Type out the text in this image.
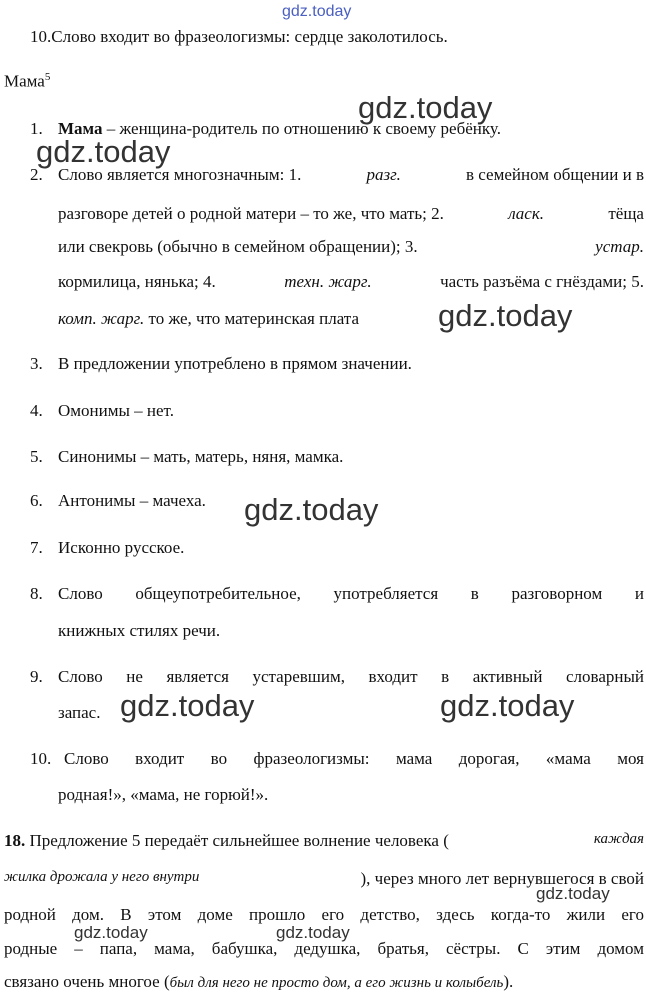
gdz.today
gdz.today
gdz.today
gdz.today
gdz.today
gdz.today	gdz.today
gdz.today
gdz.today	gdz.today
10.Слово входит во фразеологизмы: сердце заколотилось.
Мама$^5$
1. Мама – женщина-родитель по отношению к своему ребёнку.
2. Слово является многозначным: 1.	разг.	в семейном общении и в
разговоре детей о родной матери – то же, что мать; 2.	ласк.	тёща
или свекровь (обычно в семейном обращении); 3.	устар.
кормилица, нянька; 4.	техн. жарг.	часть разъёма с гнёздами; 5.
комп. жарг. то же, что материнская плата
3. В предложении употреблено в прямом значении.
4. Омонимы – нет.
5. Синонимы – мать, матерь, няня, мамка.
6. Антонимы – мачеха.
7. Исконно русское.
8. Слово общеупотребительное, употребляется в разговорном и
книжных стилях речи.
9. Слово не является устаревшим, входит в активный словарный
запас.
10. Слово входит во фразеологизмы: мама дорогая, «мама моя
родная!», «мама, не горюй!».
18. Предложение 5 передаёт сильнейшее волнение человека (	каждая
жилка дрожала у него внутри	), через много лет вернувшегося в свой
родной дом. В этом доме прошло его детство, здесь когда-то жили его
родные – папа, мама, бабушка, дедушка, братья, сёстры. С этим домом
связано очень многое (был для него не просто дом, а его жизнь и колыбель).
